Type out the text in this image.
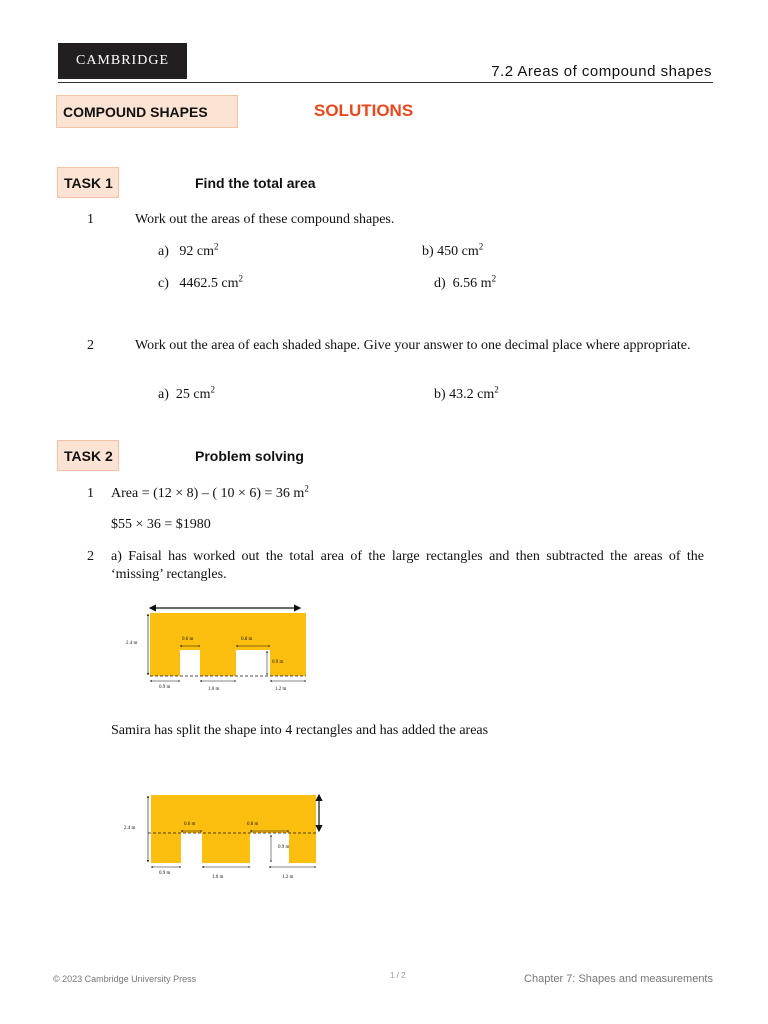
CAMBRIDGE
7.2 Areas of compound shapes
COMPOUND SHAPES	SOLUTIONS
TASK 1	Find the total area
1	Work out the areas of these compound shapes.
a) 92 $cm^2$	b) 450 $cm^2$
c) 4462.5 $cm^2$	d) 6.56 $m^2$
2	Work out the area of each shaded shape. Give your answer to one decimal place where appropriate.
a) 25 $cm^2$	b) 43.2 $cm^2$
TASK 2	Problem solving
1 Area = (12 × 8) – ( 10 × 6) = 36 $m^2$
$55 × 36 = $1980
2 a) Faisal has worked out the total area of the large rectangles and then subtracted the areas of the ‘missing’ rectangles.
2.4 m
0.6 m	0.8 m
0.9 m
0.9 m	1.0 m	1.2 m
Samira has split the shape into 4 rectangles and has added the areas
2.4 m
0.6 m	0.8 m
0.9 m
0.9 m
1.0 m	1.2 m
© 2023 Cambridge University Press	1 / 2	Chapter 7: Shapes and measurements
